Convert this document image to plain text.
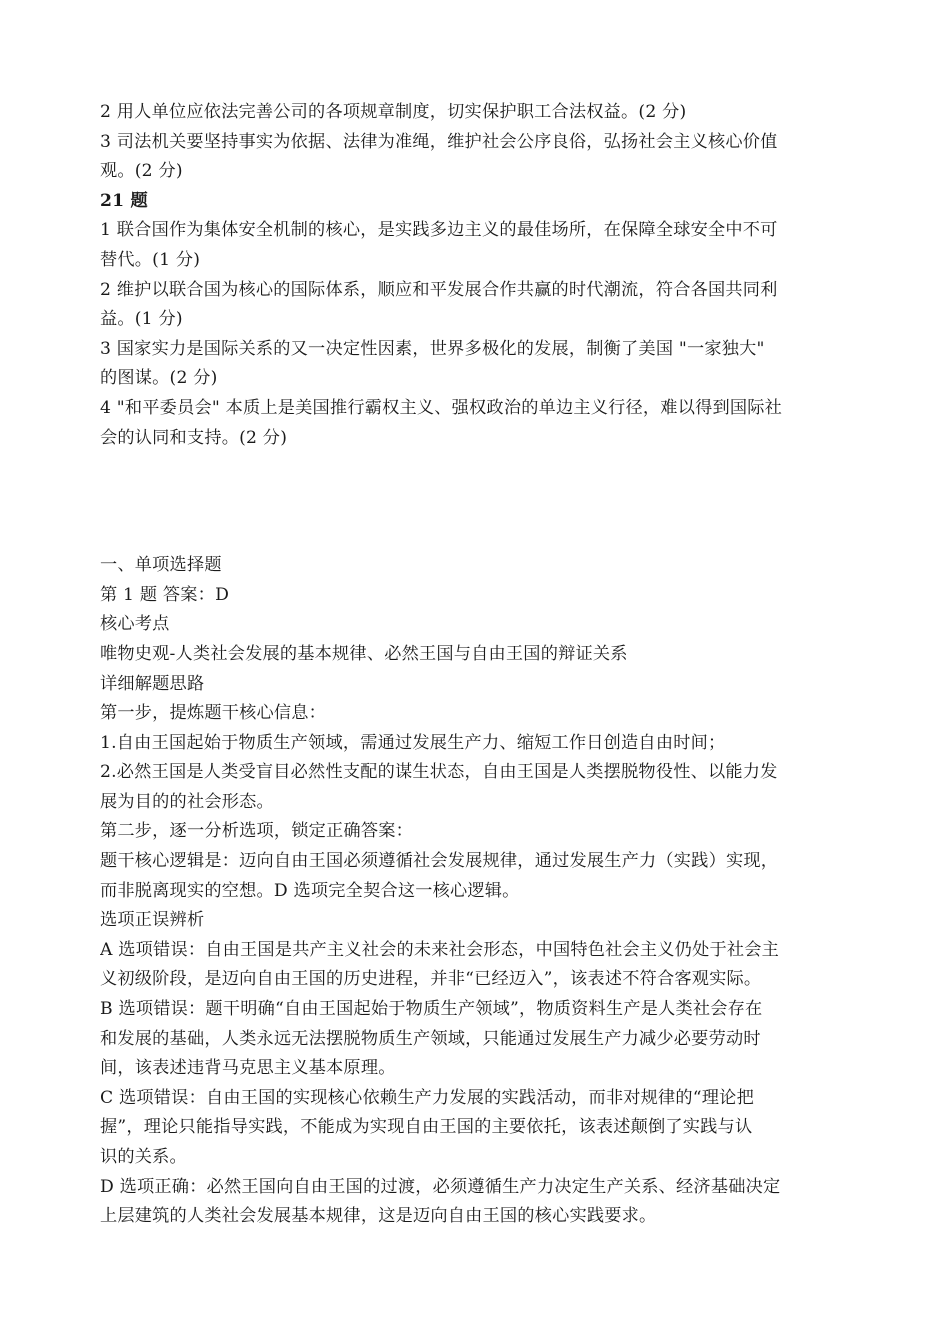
2 用人单位应依法完善公司的各项规章制度，切实保护职工合法权益。(2 分)
3 司法机关要坚持事实为依据、法律为准绳，维护社会公序良俗，弘扬社会主义核心价值
观。(2 分)
21 题
1 联合国作为集体安全机制的核心，是实践多边主义的最佳场所，在保障全球安全中不可
替代。(1 分)
2 维护以联合国为核心的国际体系，顺应和平发展合作共赢的时代潮流，符合各国共同利
益。(1 分)
3 国家实力是国际关系的又一决定性因素，世界多极化的发展，制衡了美国 "一家独大"
的图谋。(2 分)
4 "和平委员会" 本质上是美国推行霸权主义、强权政治的单边主义行径，难以得到国际社
会的认同和支持。(2 分)
一、单项选择题
第 1 题 答案：D
核心考点
唯物史观-人类社会发展的基本规律、必然王国与自由王国的辩证关系
详细解题思路
第一步，提炼题干核心信息：
1.自由王国起始于物质生产领域，需通过发展生产力、缩短工作日创造自由时间；
2.必然王国是人类受盲目必然性支配的谋生状态，自由王国是人类摆脱物役性、以能力发
展为目的的社会形态。
第二步，逐一分析选项，锁定正确答案：
题干核心逻辑是：迈向自由王国必须遵循社会发展规律，通过发展生产力（实践）实现，
而非脱离现实的空想。D 选项完全契合这一核心逻辑。
选项正误辨析
A 选项错误：自由王国是共产主义社会的未来社会形态，中国特色社会主义仍处于社会主
义初级阶段，是迈向自由王国的历史进程，并非“已经迈入”，该表述不符合客观实际。
B 选项错误：题干明确“自由王国起始于物质生产领域”，物质资料生产是人类社会存在
和发展的基础，人类永远无法摆脱物质生产领域，只能通过发展生产力减少必要劳动时
间，该表述违背马克思主义基本原理。
C 选项错误：自由王国的实现核心依赖生产力发展的实践活动，而非对规律的“理论把
握”，理论只能指导实践，不能成为实现自由王国的主要依托，该表述颠倒了实践与认
识的关系。
D 选项正确：必然王国向自由王国的过渡，必须遵循生产力决定生产关系、经济基础决定
上层建筑的人类社会发展基本规律，这是迈向自由王国的核心实践要求。
